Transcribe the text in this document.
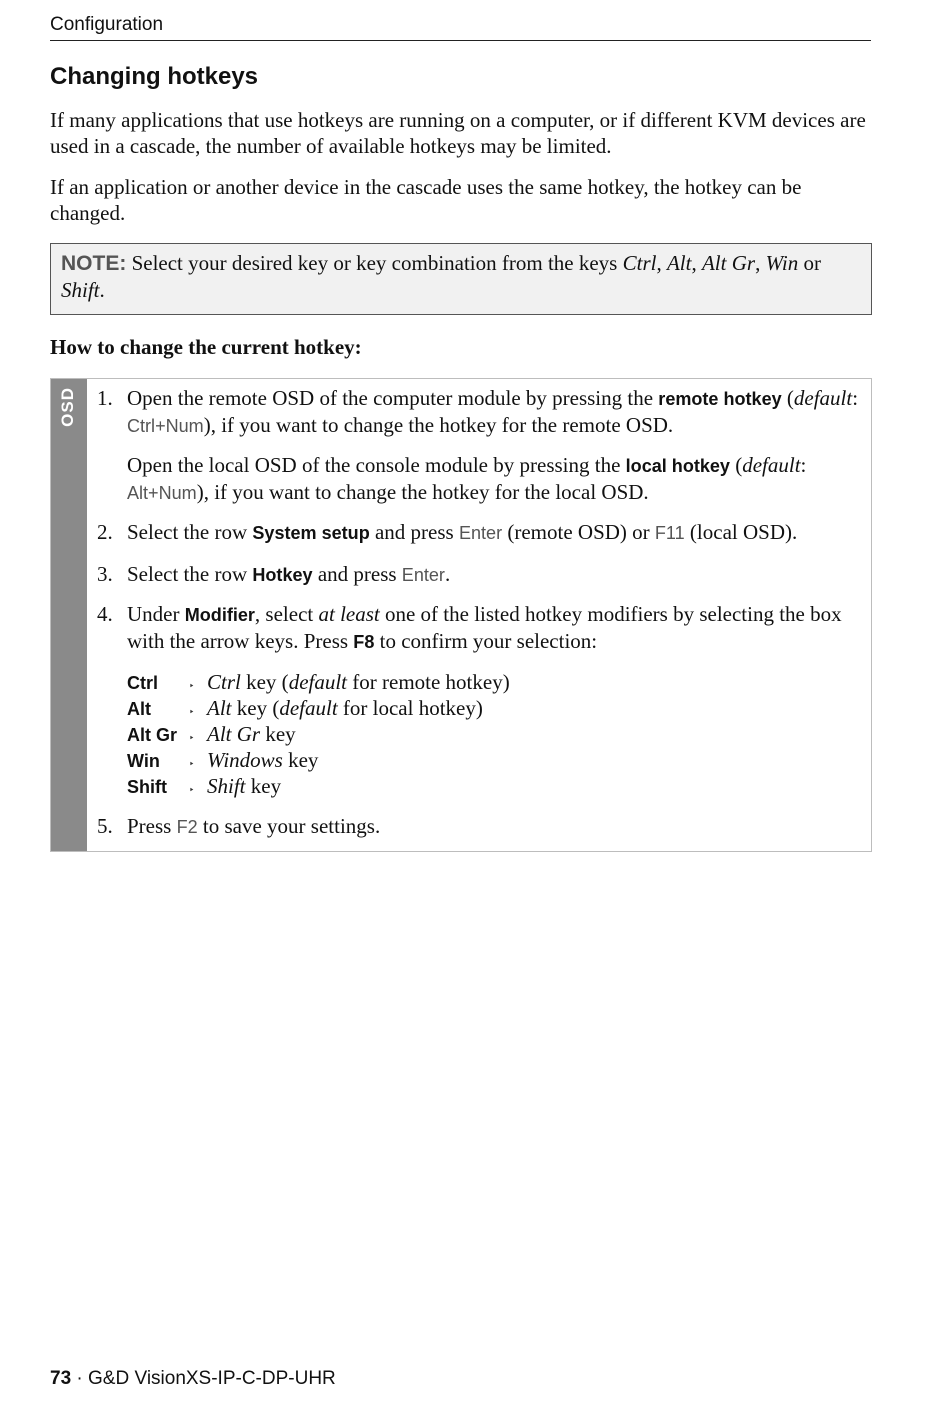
Configuration
Changing hotkeys

If many applications that use hotkeys are running on a computer, or if different KVM devices are used in a cascade, the number of available hotkeys may be limited.

If an application or another device in the cascade uses the same hotkey, the hotkey can be changed.

NOTE: Select your desired key or key combination from the keys Ctrl, Alt, Alt Gr, Win or Shift.

How to change the current hotkey:

OSD 1. Open the remote OSD of the computer module by pressing the remote hotkey (default: Ctrl+Num), if you want to change the hotkey for the remote OSD.
Open the local OSD of the console module by pressing the local hotkey (default: Alt+Num), if you want to change the hotkey for the local OSD.
2. Select the row System setup and press Enter (remote OSD) or F11 (local OSD).
3. Select the row Hotkey and press Enter.
4. Under Modifier, select at least one of the listed hotkey modifiers by selecting the box with the arrow keys. Press F8 to confirm your selection:
Ctrl	‣ Ctrl key (default for remote hotkey)
Alt	‣ Alt key (default for local hotkey)
Alt Gr	‣ Alt Gr key
Win	‣ Windows key
Shift	‣ Shift key
5. Press F2 to save your settings.
73 · G&D VisionXS-IP-C-DP-UHR
